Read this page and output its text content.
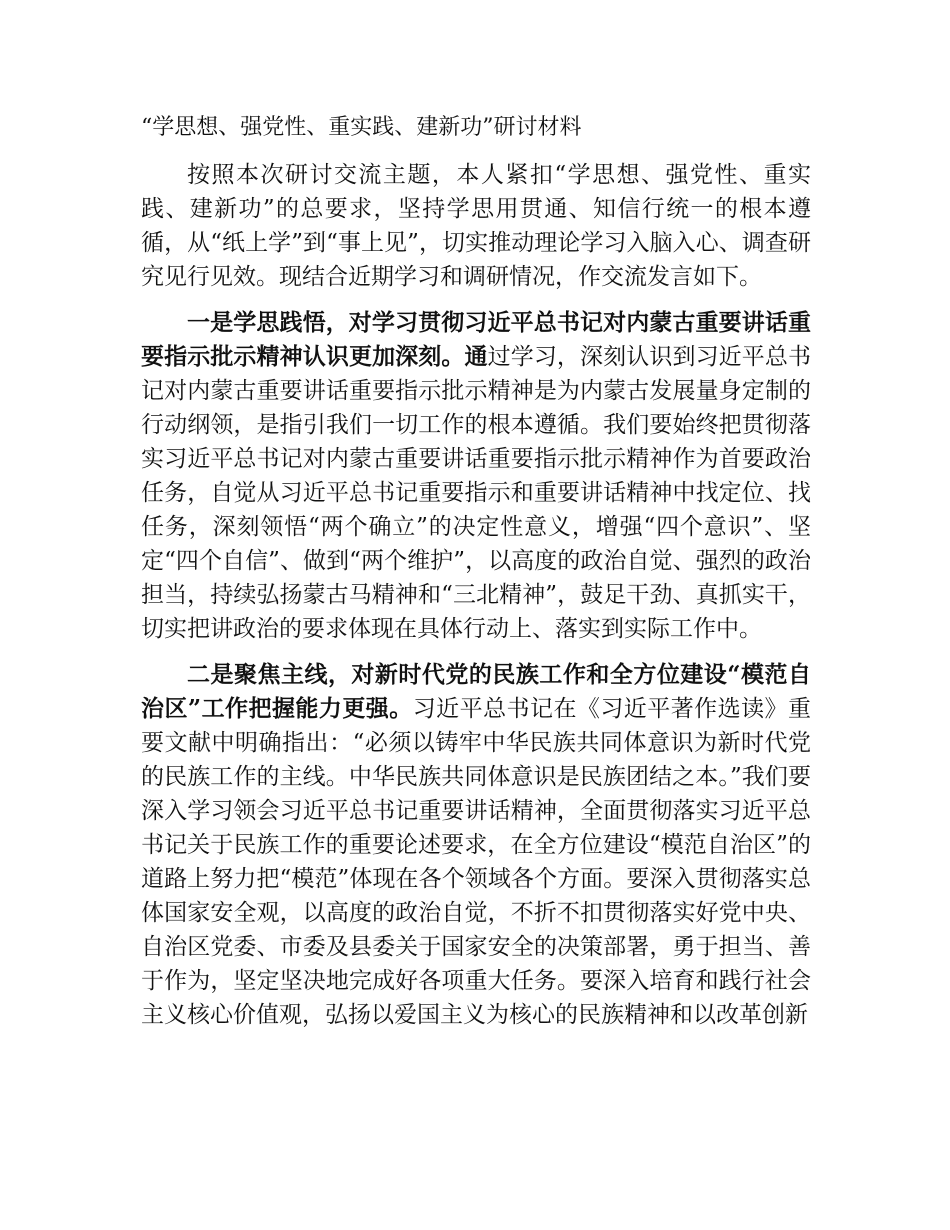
“学思想、强党性、重实践、建新功”研讨材料

按照本次研讨交流主题，本人紧扣“学思想、强党性、重实践、建新功”的总要求，坚持学思用贯通、知信行统一的根本遵循，从“纸上学”到“事上见”，切实推动理论学习入脑入心、调查研究见行见效。现结合近期学习和调研情况，作交流发言如下。

一是学思践悟，对学习贯彻习近平总书记对内蒙古重要讲话重要指示批示精神认识更加深刻。通过学习，深刻认识到习近平总书记对内蒙古重要讲话重要指示批示精神是为内蒙古发展量身定制的行动纲领，是指引我们一切工作的根本遵循。我们要始终把贯彻落实习近平总书记对内蒙古重要讲话重要指示批示精神作为首要政治任务，自觉从习近平总书记重要指示和重要讲话精神中找定位、找任务，深刻领悟“两个确立”的决定性意义，增强“四个意识”、坚定“四个自信”、做到“两个维护”，以高度的政治自觉、强烈的政治担当，持续弘扬蒙古马精神和“三北精神”，鼓足干劲、真抓实干，切实把讲政治的要求体现在具体行动上、落实到实际工作中。

二是聚焦主线，对新时代党的民族工作和全方位建设“模范自治区”工作把握能力更强。习近平总书记在《习近平著作选读》重要文献中明确指出：“必须以铸牢中华民族共同体意识为新时代党的民族工作的主线。中华民族共同体意识是民族团结之本。”我们要深入学习领会习近平总书记重要讲话精神，全面贯彻落实习近平总书记关于民族工作的重要论述要求，在全方位建设“模范自治区”的道路上努力把“模范”体现在各个领域各个方面。要深入贯彻落实总体国家安全观，以高度的政治自觉，不折不扣贯彻落实好党中央、自治区党委、市委及县委关于国家安全的决策部署，勇于担当、善于作为，坚定坚决地完成好各项重大任务。要深入培育和践行社会主义核心价值观，弘扬以爱国主义为核心的民族精神和以改革创新
